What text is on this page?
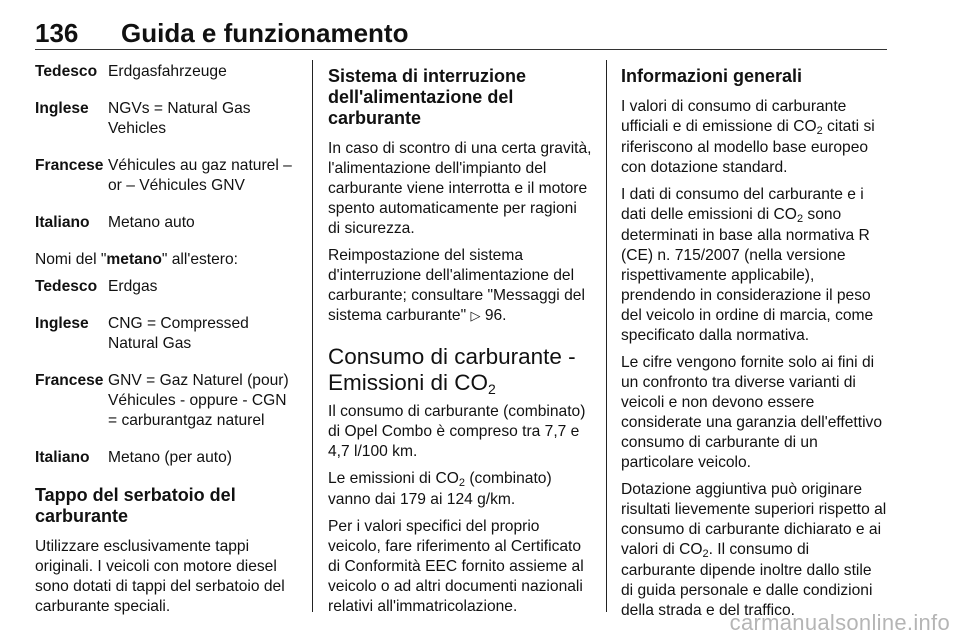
136 Guida e funzionamento
Tedesco Erdgasfahrzeuge
Inglese	NGVs = Natural Gas Vehicles
Francese Véhicules au gaz naturel – or – Véhicules GNV
Italiano	Metano auto

Nomi del "metano" all'estero:

Tedesco Erdgas
Inglese	CNG = Compressed Natural Gas
Francese GNV = Gaz Naturel (pour) Véhicules - oppure - CGN = carburantgaz naturel
Italiano	Metano (per auto)
Tappo del serbatoio del carburante

Utilizzare esclusivamente tappi originali. I veicoli con motore diesel sono dotati di tappi del serbatoio del carburante speciali.

Sistema di interruzione dell'alimentazione del carburante

In caso di scontro di una certa gravità, l'alimentazione dell'impianto del carburante viene interrotta e il motore spento automaticamente per ragioni di sicurezza.

Reimpostazione del sistema d'interruzione dell'alimentazione del carburante; consultare "Messaggi del sistema carburante" ▷ 96.

Consumo di carburante - Emissioni di CO2

Il consumo di carburante (combinato) di Opel Combo è compreso tra 7,7 e 4,7 l/100 km.

Le emissioni di CO2 (combinato) vanno dai 179 ai 124 g/km.

Per i valori specifici del proprio veicolo, fare riferimento al Certificato di Conformità EEC fornito assieme al veicolo o ad altri documenti nazionali relativi all'immatricolazione.

Informazioni generali

I valori di consumo di carburante ufficiali e di emissione di CO2 citati si riferiscono al modello base europeo con dotazione standard.

I dati di consumo del carburante e i dati delle emissioni di CO2 sono determinati in base alla normativa R (CE) n. 715/2007 (nella versione rispettivamente applicabile), prendendo in considerazione il peso del veicolo in ordine di marcia, come specificato dalla normativa.

Le cifre vengono fornite solo ai fini di un confronto tra diverse varianti di veicoli e non devono essere considerate una garanzia dell'effettivo consumo di carburante di un particolare veicolo.

Dotazione aggiuntiva può originare risultati lievemente superiori rispetto al consumo di carburante dichiarato e ai valori di CO2. Il consumo di carburante dipende inoltre dallo stile di guida personale e dalle condizioni della strada e del traffico.

carmanualsonline.info
